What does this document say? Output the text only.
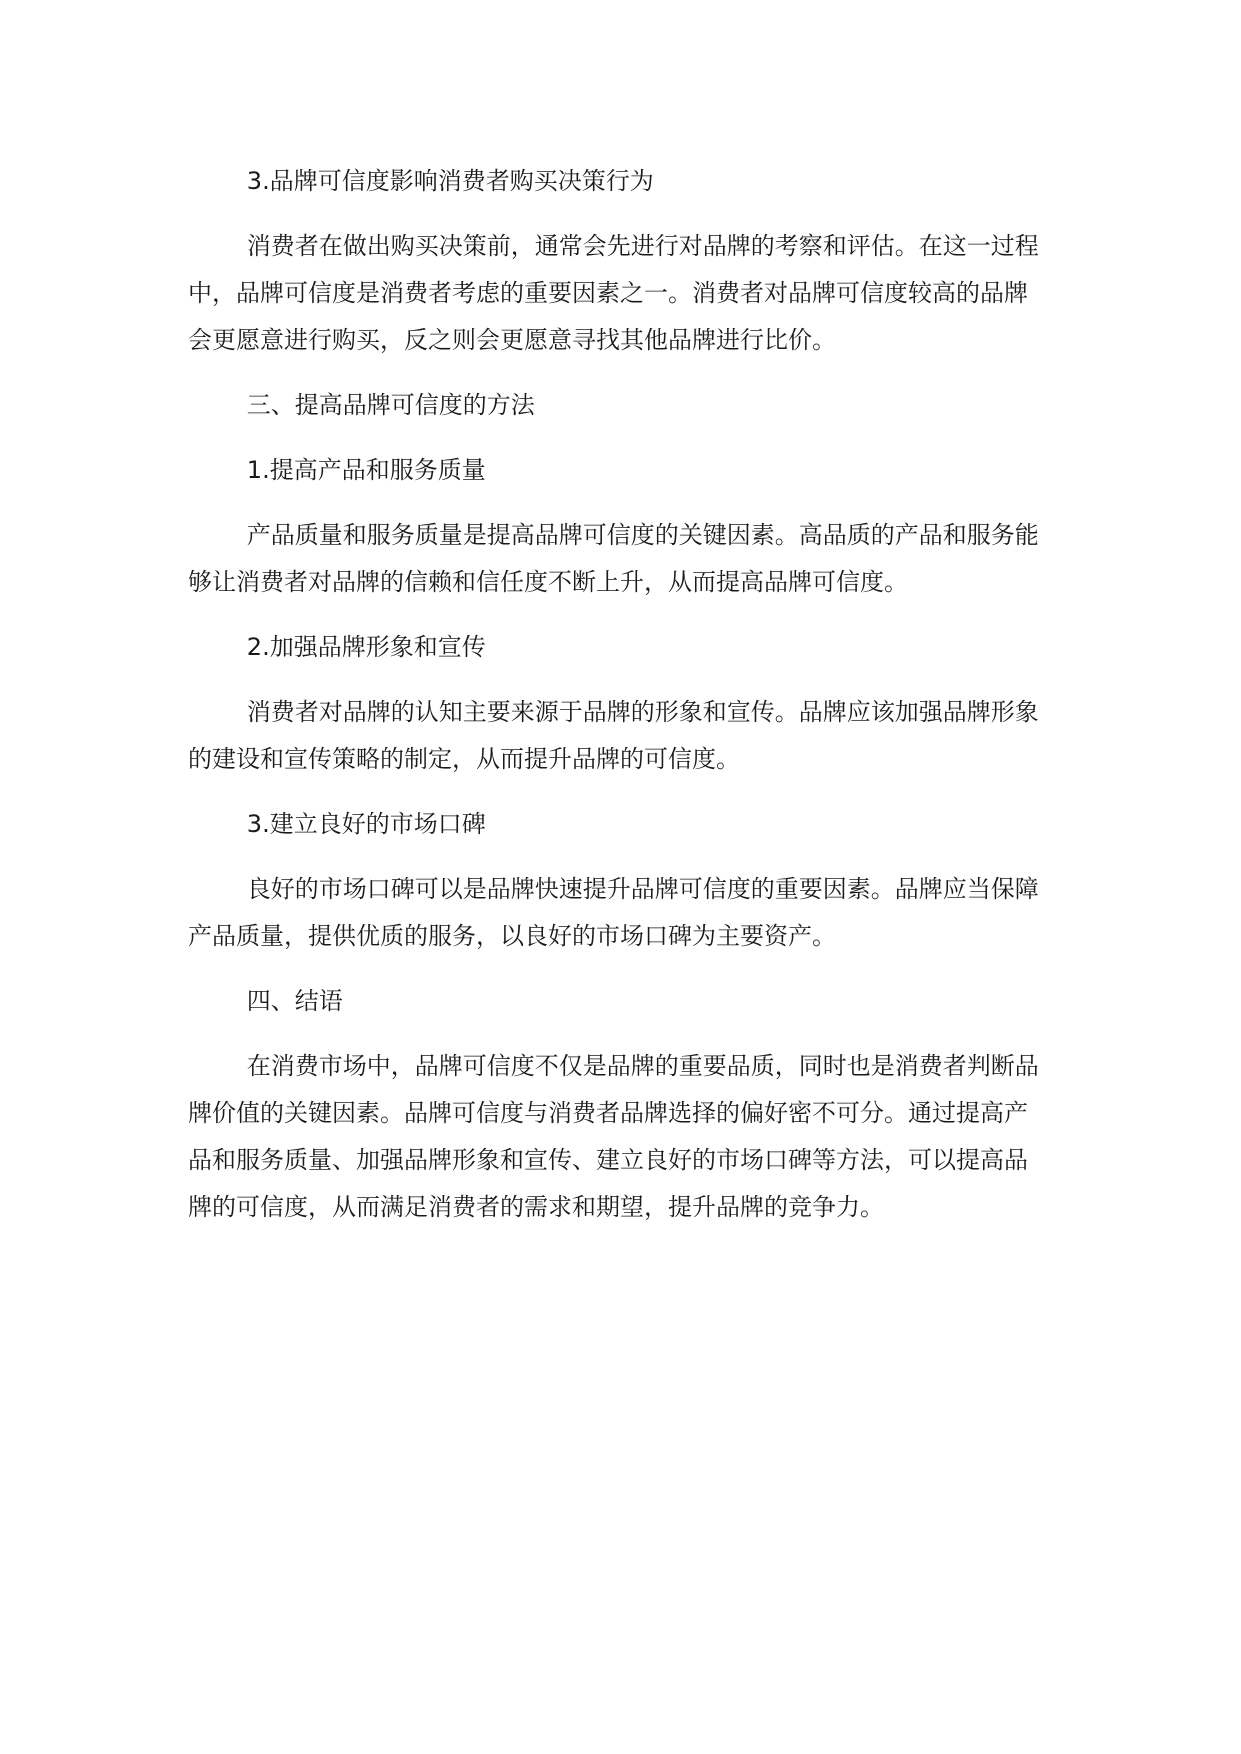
3.品牌可信度影响消费者购买决策行为

消费者在做出购买决策前，通常会先进行对品牌的考察和评估。在这一过程中，品牌可信度是消费者考虑的重要因素之一。消费者对品牌可信度较高的品牌会更愿意进行购买，反之则会更愿意寻找其他品牌进行比价。

三、提高品牌可信度的方法

1.提高产品和服务质量

产品质量和服务质量是提高品牌可信度的关键因素。高品质的产品和服务能够让消费者对品牌的信赖和信任度不断上升，从而提高品牌可信度。

2.加强品牌形象和宣传

消费者对品牌的认知主要来源于品牌的形象和宣传。品牌应该加强品牌形象的建设和宣传策略的制定，从而提升品牌的可信度。

3.建立良好的市场口碑

良好的市场口碑可以是品牌快速提升品牌可信度的重要因素。品牌应当保障产品质量，提供优质的服务，以良好的市场口碑为主要资产。

四、结语

在消费市场中，品牌可信度不仅是品牌的重要品质，同时也是消费者判断品牌价值的关键因素。品牌可信度与消费者品牌选择的偏好密不可分。通过提高产品和服务质量、加强品牌形象和宣传、建立良好的市场口碑等方法，可以提高品牌的可信度，从而满足消费者的需求和期望，提升品牌的竞争力。
